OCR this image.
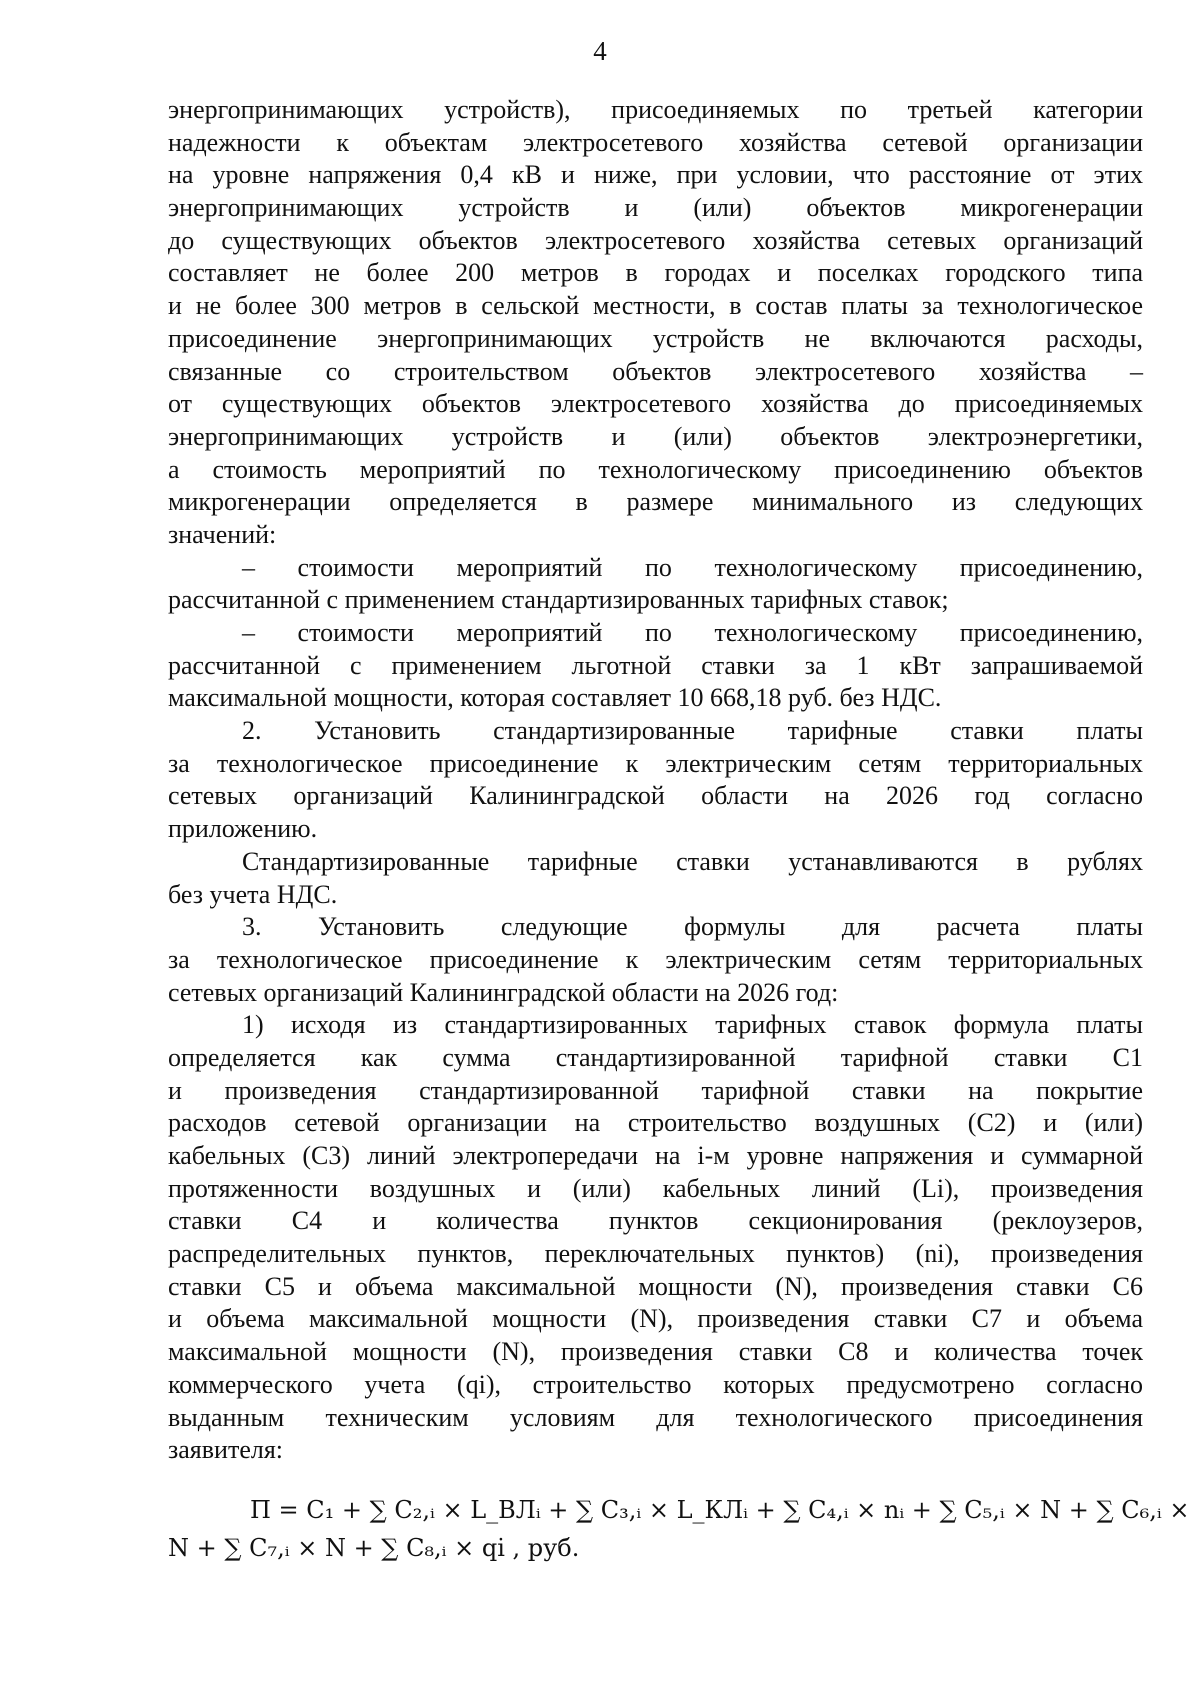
4
энергопринимающих устройств), присоединяемых по третьей категории
надежности к объектам электросетевого хозяйства сетевой организации
на уровне напряжения 0,4 кВ и ниже, при условии, что расстояние от этих
энергопринимающих устройств и (или) объектов микрогенерации
до существующих объектов электросетевого хозяйства сетевых организаций
составляет не более 200 метров в городах и поселках городского типа
и не более 300 метров в сельской местности, в состав платы за технологическое
присоединение энергопринимающих устройств не включаются расходы,
связанные со строительством объектов электросетевого хозяйства –
от существующих объектов электросетевого хозяйства до присоединяемых
энергопринимающих устройств и (или) объектов электроэнергетики,
а стоимость мероприятий по технологическому присоединению объектов
микрогенерации определяется в размере минимального из следующих
значений:
– стоимости мероприятий по технологическому присоединению,
рассчитанной с применением стандартизированных тарифных ставок;
– стоимости мероприятий по технологическому присоединению,
рассчитанной с применением льготной ставки за 1 кВт запрашиваемой
максимальной мощности, которая составляет 10 668,18 руб. без НДС.
2. Установить стандартизированные тарифные ставки платы
за технологическое присоединение к электрическим сетям территориальных
сетевых организаций Калининградской области на 2026 год согласно
приложению.
Стандартизированные тарифные ставки устанавливаются в рублях
без учета НДС.
3. Установить следующие формулы для расчета платы
за технологическое присоединение к электрическим сетям территориальных
сетевых организаций Калининградской области на 2026 год:
1) исходя из стандартизированных тарифных ставок формула платы
определяется как сумма стандартизированной тарифной ставки С1
и произведения стандартизированной тарифной ставки на покрытие
расходов сетевой организации на строительство воздушных (С2) и (или)
кабельных (С3) линий электропередачи на i-м уровне напряжения и суммарной
протяженности воздушных и (или) кабельных линий (Li), произведения
ставки С4 и количества пунктов секционирования (реклоузеров,
распределительных пунктов, переключательных пунктов) (ni), произведения
ставки С5 и объема максимальной мощности (N), произведения ставки С6
и объема максимальной мощности (N), произведения ставки С7 и объема
максимальной мощности (N), произведения ставки С8 и количества точек
коммерческого учета (qi), строительство которых предусмотрено согласно
выданным техническим условиям для технологического присоединения
заявителя:
П = C₁ + ∑ C₂,ᵢ × L_ВЛᵢ + ∑ C₃,ᵢ × L_КЛᵢ + ∑ C₄,ᵢ × nᵢ + ∑ C₅,ᵢ × N + ∑ C₆,ᵢ ×
N + ∑ C₇,ᵢ × N + ∑ C₈,ᵢ × qi , руб.
